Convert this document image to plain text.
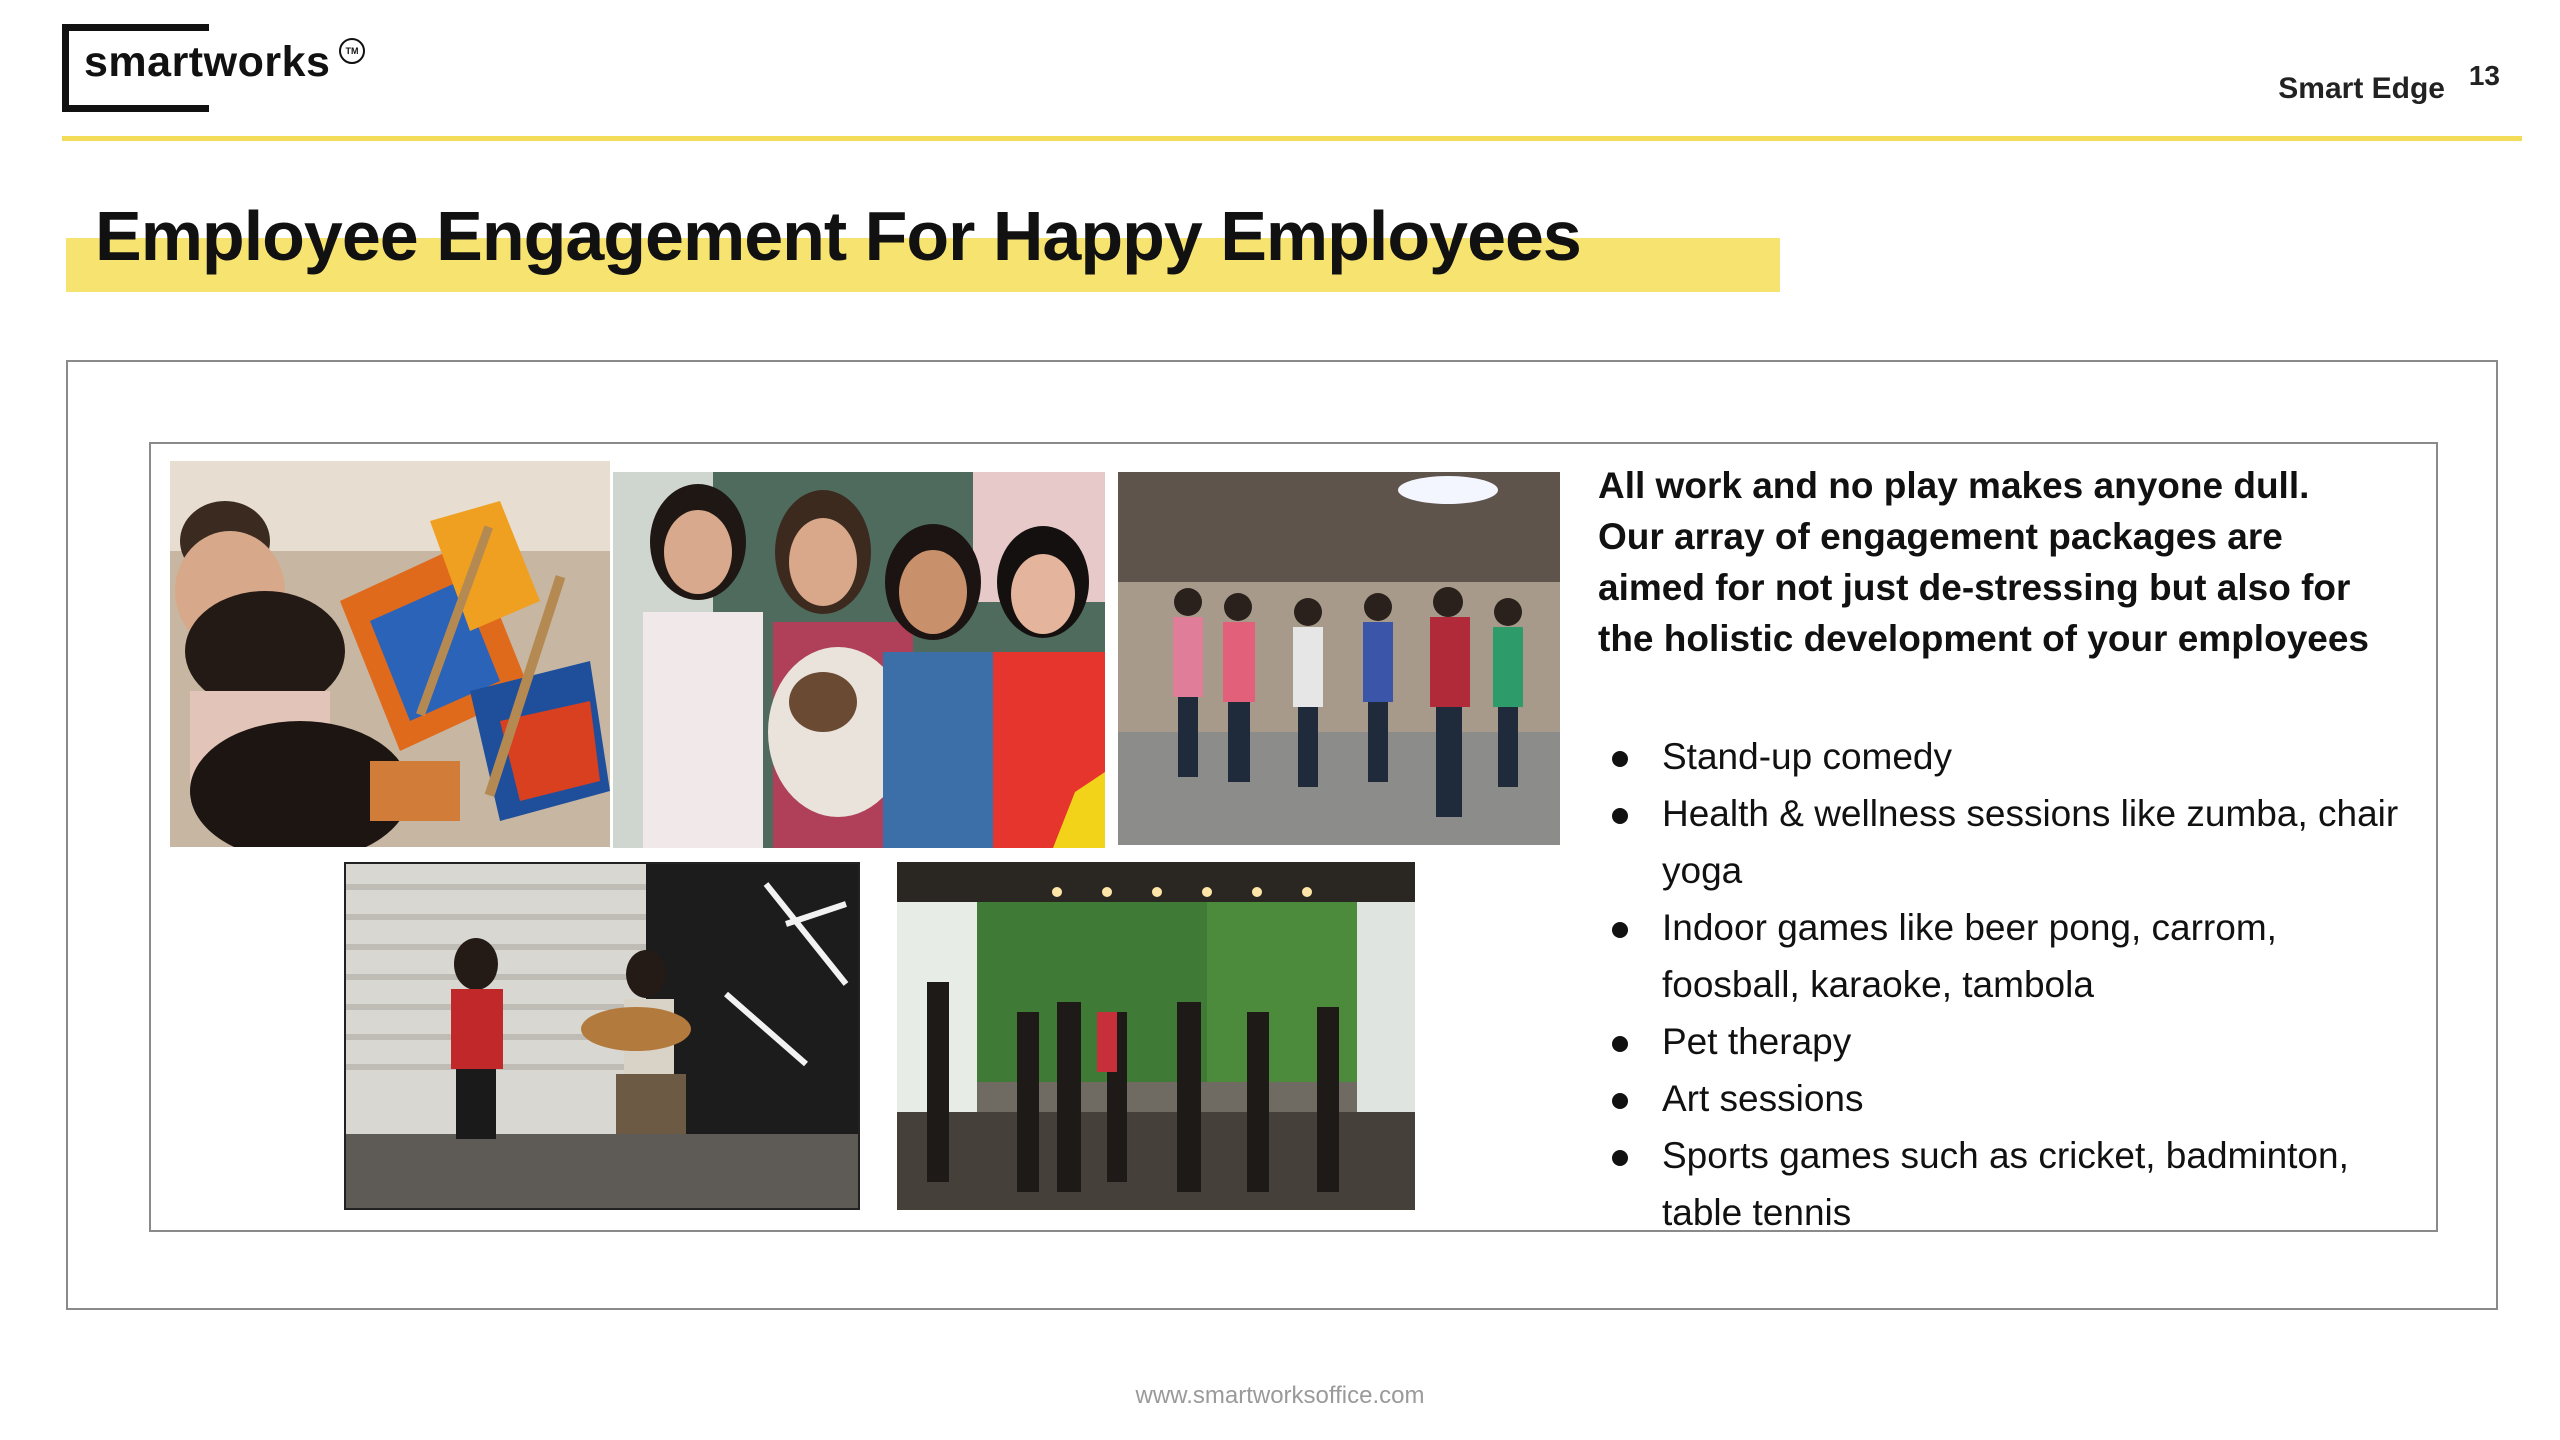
smartworks	TM
Smart Edge 13
Employee Engagement For Happy Employees
All work and no play makes anyone dull.
Our array of engagement packages are
aimed for not just de-stressing but also for
the holistic development of your employees
Stand-up comedy
Health & wellness sessions like zumba, chair yoga
Indoor games like beer pong, carrom, foosball, karaoke, tambola
Pet therapy
Art sessions
Sports games such as cricket, badminton, table tennis
www.smartworksoffice.com
